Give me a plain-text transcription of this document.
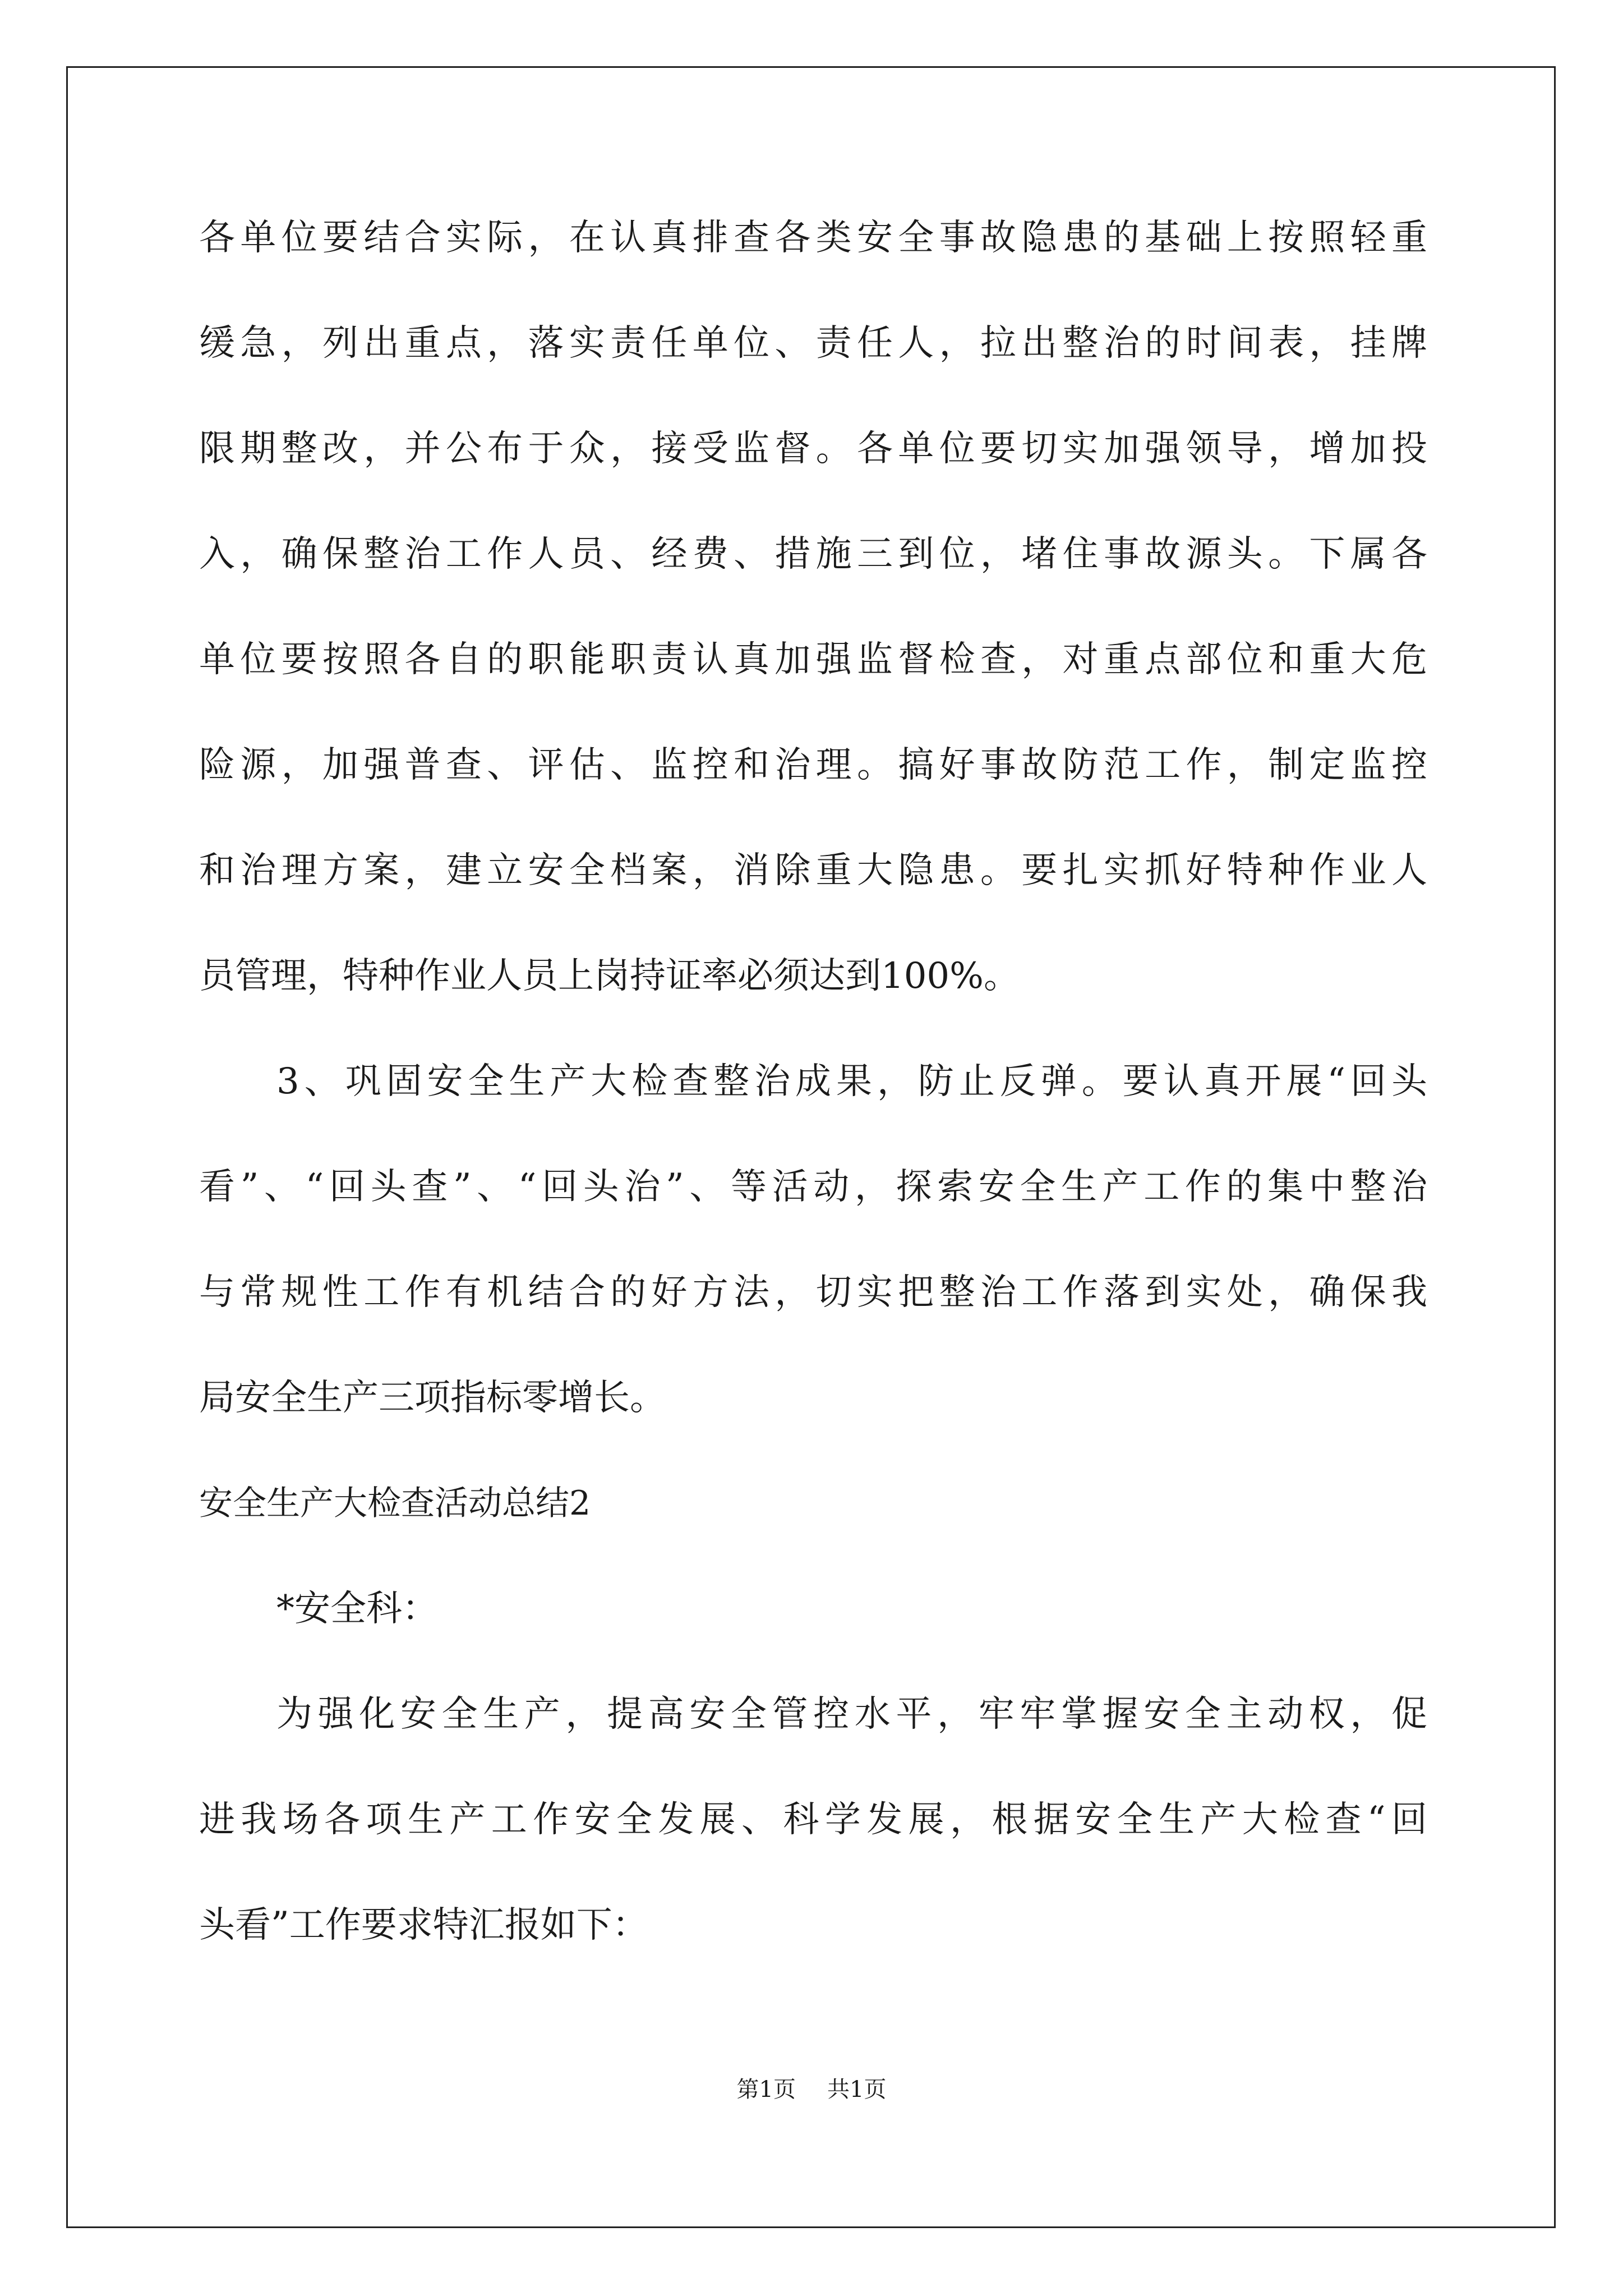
各单位要结合实际，在认真排查各类安全事故隐患的基础上按照轻重
缓急，列出重点，落实责任单位、责任人，拉出整治的时间表，挂牌
限期整改，并公布于众，接受监督。各单位要切实加强领导，增加投
入，确保整治工作人员、经费、措施三到位，堵住事故源头。下属各
单位要按照各自的职能职责认真加强监督检查，对重点部位和重大危
险源，加强普查、评估、监控和治理。搞好事故防范工作，制定监控
和治理方案，建立安全档案，消除重大隐患。要扎实抓好特种作业人
员管理，特种作业人员上岗持证率必须达到100%。
3、巩固安全生产大检查整治成果，防止反弹。要认真开展“回头
看”、“回头查”、“回头治”、等活动，探索安全生产工作的集中整治
与常规性工作有机结合的好方法，切实把整治工作落到实处，确保我
局安全生产三项指标零增长。
安全生产大检查活动总结2
*安全科：
为强化安全生产，提高安全管控水平，牢牢掌握安全主动权，促
进我场各项生产工作安全发展、科学发展，根据安全生产大检查“回
头看”工作要求特汇报如下：
第1页 共1页
